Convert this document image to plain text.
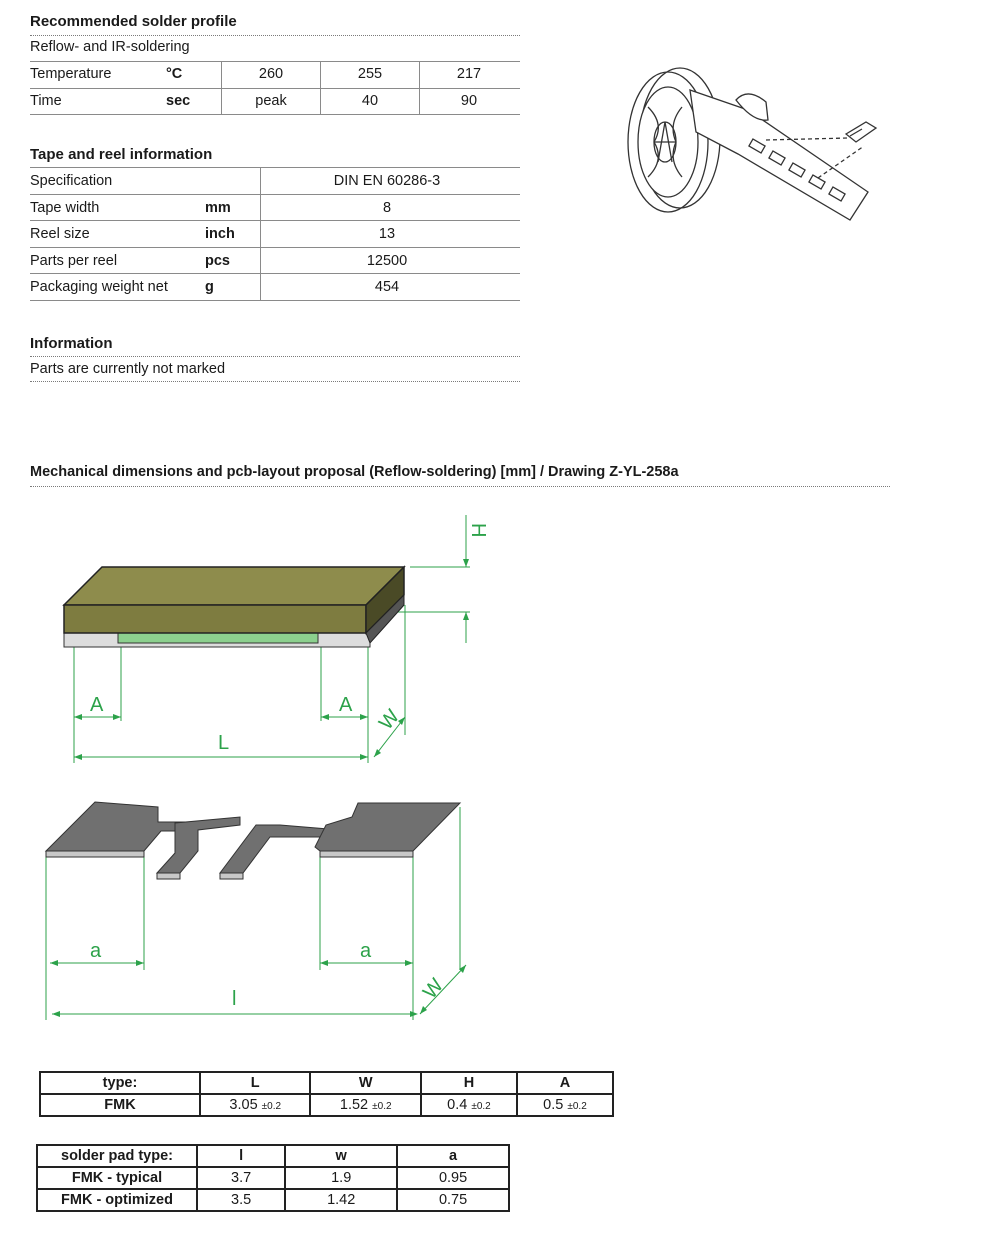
Recommended solder profile
Reflow- and IR-soldering
Temperature	°C	260	255	217
Time	sec	peak	40	90
Tape and reel information
Specification	DIN EN 60286-3
Tape width	mm	8
Reel size	inch	13
Parts per reel	pcs	12500
Packaging weight net	g	454
Information
Parts are currently not marked
Mechanical dimensions and pcb-layout proposal (Reflow-soldering) [mm] / Drawing Z-YL-258a
A	A
L
W
H
a	a
l	W
type:	L	W	H	A
FMK	3.05 ±0.2	1.52 ±0.2	0.4 ±0.2	0.5 ±0.2
solder pad type:	l	w	a
FMK - typical	3.7	1.9	0.95
FMK - optimized	3.5	1.42	0.75
